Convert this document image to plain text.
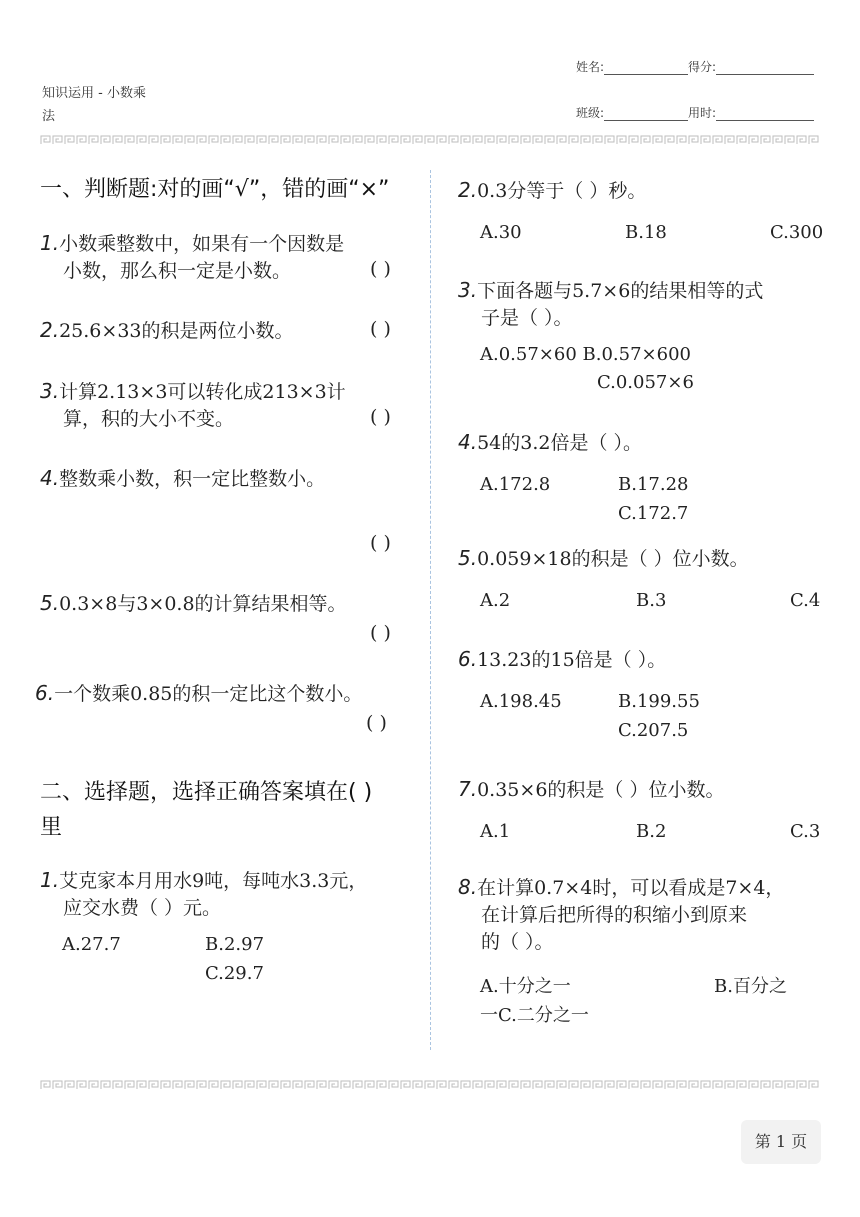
姓名:	得分:
知识运用 - 小数乘
法	班级:	用时:
一、判断题:对的画“√”，错的画“×”
1.小数乘整数中，如果有一个因数是
小数，那么积一定是小数。	( )
2.25.6×33的积是两位小数。	( )
3.计算2.13×3可以转化成213×3计
算，积的大小不变。	( )
4.整数乘小数，积一定比整数小。
( )
5.0.3×8与3×0.8的计算结果相等。
( )
6.一个数乘0.85的积一定比这个数小。
( )
二、选择题，选择正确答案填在( )
里
1.艾克家本月用水9吨，每吨水3.3元，
应交水费（ ）元。
A.27.7	B.2.97
C.29.7
2.0.3分等于（ ）秒。
A.30	B.18	C.300
3.下面各题与5.7×6的结果相等的式
子是（ ）。
A.0.57×60 B.0.57×600
C.0.057×6
4.54的3.2倍是（ ）。
A.172.8	B.17.28
C.172.7
5.0.059×18的积是（ ）位小数。
A.2	B.3	C.4
6.13.23的15倍是（ ）。
A.198.45	B.199.55
C.207.5
7.0.35×6的积是（ ）位小数。
A.1	B.2	C.3
8.在计算0.7×4时，可以看成是7×4，
在计算后把所得的积缩小到原来
的（ ）。
A.十分之一	B.百分之
一C.二分之一
第 1 页
